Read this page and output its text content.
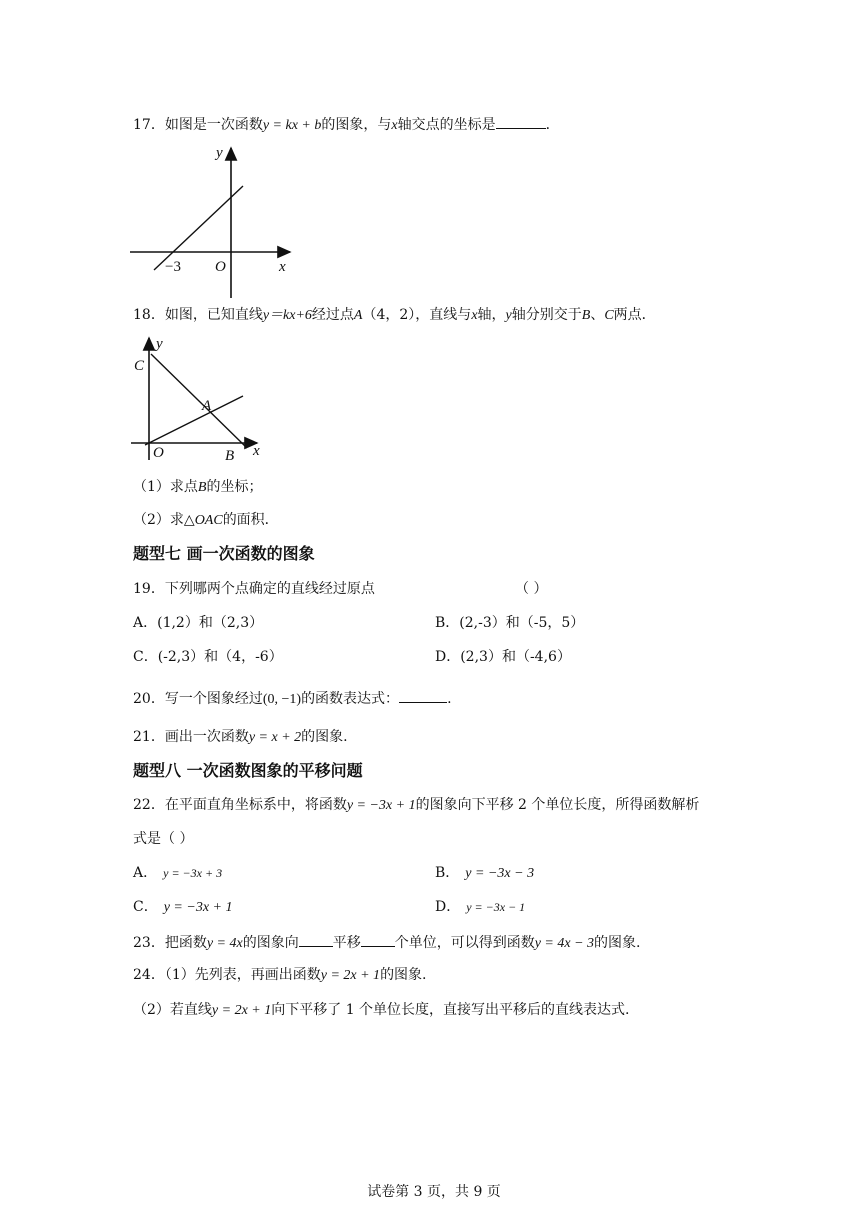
17．如图是一次函数y = kx + b的图象，与x轴交点的坐标是	．
y
x
O
−3
18．如图，已知直线y＝kx+6经过点A（4，2），直线与x轴，y轴分别交于B、C两点．
y
x
C
A
O	B
（1）求点B的坐标；
（2）求△OAC的面积．
题型七 画一次函数的图象
19．下列哪两个点确定的直线经过原点	（ ）
A．(1,2）和（2,3）	B．(2,-3）和（-5，5）
C．(-2,3）和（4，-6）	D．(2,3）和（-4,6）
20．写一个图象经过(0, −1)的函数表达式：	.
21．画出一次函数y = x + 2的图象.
题型八 一次函数图象的平移问题
22．在平面直角坐标系中，将函数y = −3x + 1的图象向下平移 2 个单位长度，所得函数解析
式是（ ）
A． y = −3x + 3	B． y = −3x − 3
C． y = −3x + 1	D． y = −3x − 1
23．把函数y = 4x的图象向 平移 个单位，可以得到函数y = 4x − 3的图象.
24．（1）先列表，再画出函数y = 2x + 1的图象.
（2）若直线y = 2x + 1向下平移了 1 个单位长度，直接写出平移后的直线表达式.
试卷第 3 页，共 9 页
